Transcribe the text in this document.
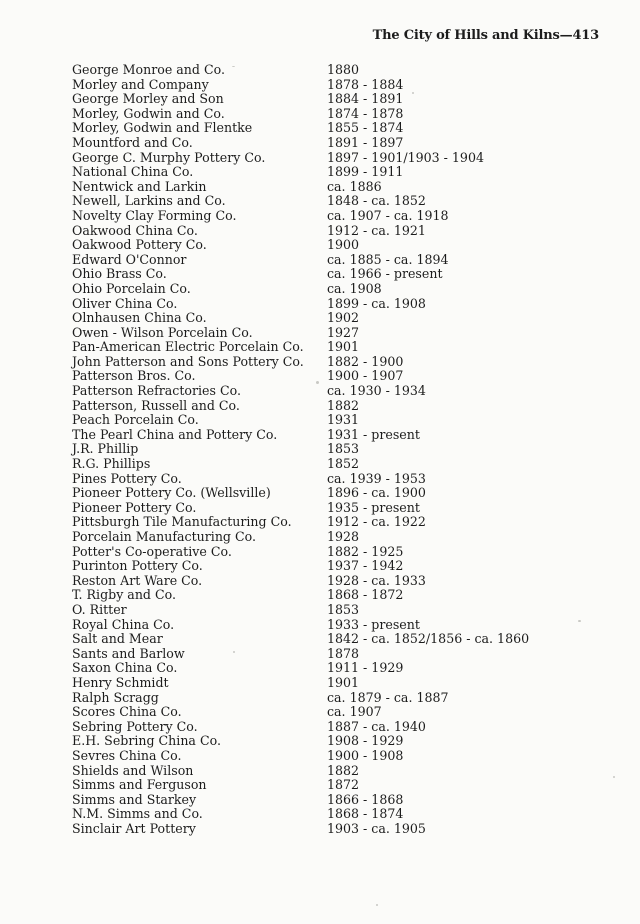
The City of Hills and Kilns—413
George Monroe and Co.	1880
Morley and Company	1878 - 1884
George Morley and Son	1884 - 1891
Morley, Godwin and Co.	1874 - 1878
Morley, Godwin and Flentke	1855 - 1874
Mountford and Co.	1891 - 1897
George C. Murphy Pottery Co.	1897 - 1901/1903 - 1904
National China Co.	1899 - 1911
Nentwick and Larkin	ca. 1886
Newell, Larkins and Co.	1848 - ca. 1852
Novelty Clay Forming Co.	ca. 1907 - ca. 1918
Oakwood China Co.	1912 - ca. 1921
Oakwood Pottery Co.	1900
Edward O'Connor	ca. 1885 - ca. 1894
Ohio Brass Co.	ca. 1966 - present
Ohio Porcelain Co.	ca. 1908
Oliver China Co.	1899 - ca. 1908
Olnhausen China Co.	1902
Owen - Wilson Porcelain Co.	1927
Pan-American Electric Porcelain Co. 1901
John Patterson and Sons Pottery Co. 1882 - 1900
Patterson Bros. Co.	1900 - 1907
Patterson Refractories Co.	ca. 1930 - 1934
Patterson, Russell and Co.	1882
Peach Porcelain Co.	1931
The Pearl China and Pottery Co.	1931 - present
J.R. Phillip	1853
R.G. Phillips	1852
Pines Pottery Co.	ca. 1939 - 1953
Pioneer Pottery Co. (Wellsville)	1896 - ca. 1900
Pioneer Pottery Co.	1935 - present
Pittsburgh Tile Manufacturing Co.	1912 - ca. 1922
Porcelain Manufacturing Co.	1928
Potter's Co-operative Co.	1882 - 1925
Purinton Pottery Co.	1937 - 1942
Reston Art Ware Co.	1928 - ca. 1933
T. Rigby and Co.	1868 - 1872
O. Ritter	1853
Royal China Co.	1933 - present
Salt and Mear	1842 - ca. 1852/1856 - ca. 1860
Sants and Barlow	1878
Saxon China Co.	1911 - 1929
Henry Schmidt	1901
Ralph Scragg	ca. 1879 - ca. 1887
Scores China Co.	ca. 1907
Sebring Pottery Co.	1887 - ca. 1940
E.H. Sebring China Co.	1908 - 1929
Sevres China Co.	1900 - 1908
Shields and Wilson	1882
Simms and Ferguson	1872
Simms and Starkey	1866 - 1868
N.M. Simms and Co.	1868 - 1874
Sinclair Art Pottery	1903 - ca. 1905
